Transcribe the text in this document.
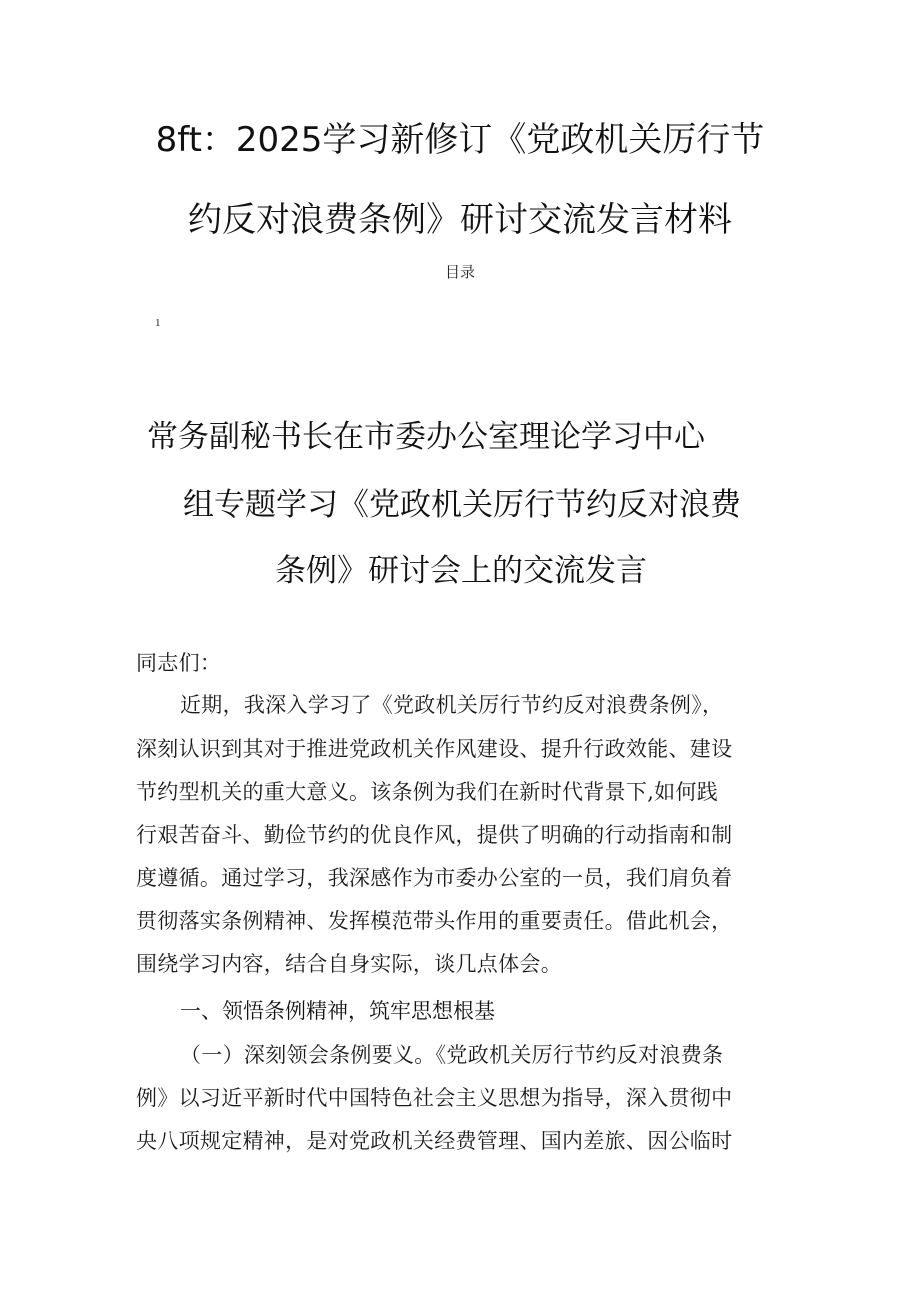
8ft：2025学习新修订《党政机关厉行节
约反对浪费条例》研讨交流发言材料
目录
1
常务副秘书长在市委办公室理论学习中心
组专题学习《党政机关厉行节约反对浪费
条例》研讨会上的交流发言
同志们：
近期，我深入学习了《党政机关厉行节约反对浪费条例》，
深刻认识到其对于推进党政机关作风建设、提升行政效能、建设
节约型机关的重大意义。该条例为我们在新时代背景下,如何践
行艰苦奋斗、勤俭节约的优良作风，提供了明确的行动指南和制
度遵循。通过学习，我深感作为市委办公室的一员，我们肩负着
贯彻落实条例精神、发挥模范带头作用的重要责任。借此机会，
围绕学习内容，结合自身实际，谈几点体会。
一、领悟条例精神，筑牢思想根基
（一）深刻领会条例要义。《党政机关厉行节约反对浪费条
例》以习近平新时代中国特色社会主义思想为指导，深入贯彻中
央八项规定精神，是对党政机关经费管理、国内差旅、因公临时
